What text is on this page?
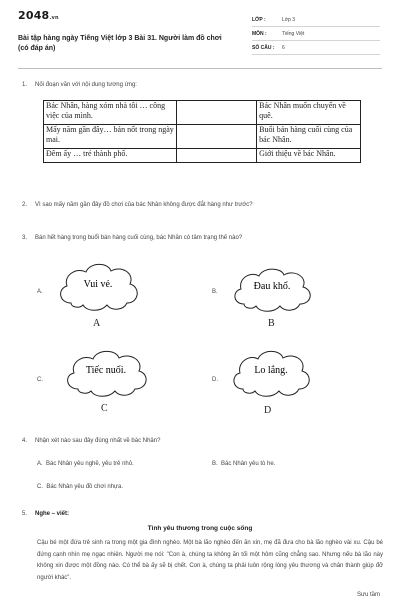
2048.vn
Bài tập hàng ngày Tiếng Việt lớp 3 Bài 31. Người làm đồ chơi (có đáp án)
LỚP :	Lớp 3
MÔN :	Tiếng Việt
SỐ CÂU : 6
1. Nối đoạn văn với nội dung tương ứng:
Bác Nhân, hàng xóm nhà tôi … công việc của mình.		Bác Nhân muốn chuyển về quê.
Mấy năm gần đây… bán nốt trong ngày mai.		Buổi bán hàng cuối cùng của bác Nhân.
Đêm ấy … trẻ thành phố.		Giới thiệu về bác Nhân.
2. Vì sao mấy năm gần đây đồ chơi của bác Nhân không được đắt hàng như trước?
3. Bán hết hàng trong buổi bán hàng cuối cùng, bác Nhân có tâm trạng thế nào?
A.
Vui vẻ.
A
B.	Đau khổ.
B
C.
Tiếc nuối.
C
D.
Lo lắng.
D
4. Nhận xét nào sau đây đúng nhất về bác Nhân?
A. Bác Nhân yêu nghề, yêu trẻ nhỏ.	B. Bác Nhân yêu tò he.
C. Bác Nhân yêu đồ chơi nhựa.
5. Nghe – viết:
Tình yêu thương trong cuộc sống
Cậu bé một đứa trẻ sinh ra trong một gia đình nghèo. Một bà lão nghèo đến ăn xin, mẹ đã đưa cho bà lão nghèo vài xu. Cậu bé đứng cạnh nhìn mẹ ngạc nhiên. Người mẹ nói: "Con à, chúng ta không ăn tối một hôm cũng chẳng sao. Nhưng nếu bà lão này không xin được một đồng nào. Có thể bà ấy sẽ bị chết. Con à, chúng ta phải luôn rộng lòng yêu thương và chân thành giúp đỡ người khác".
Sưu tầm
